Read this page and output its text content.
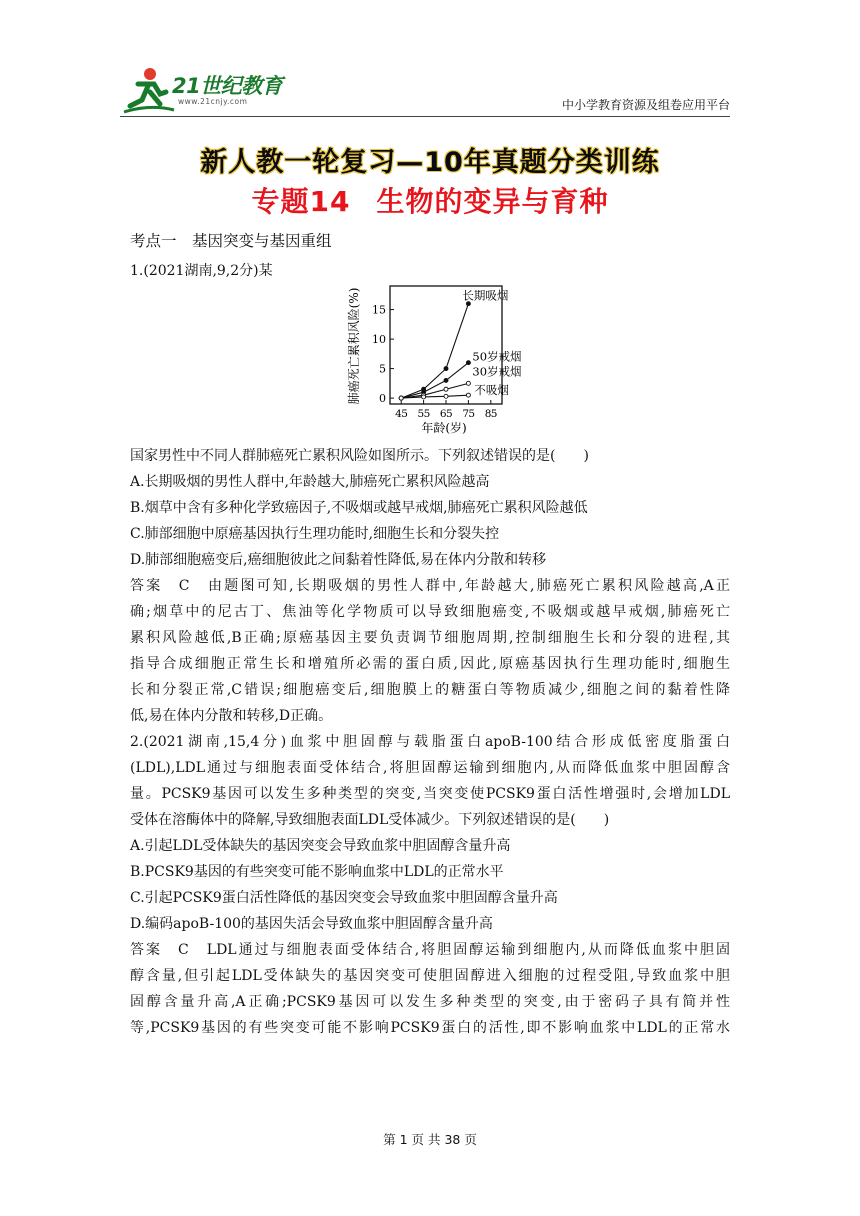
21世纪教育
www.21cnjy.com	中小学教育资源及组卷应用平台
新人教一轮复习—10年真题分类训练
专题14 生物的变异与育种
考点一　基因突变与基因重组
1.(2021湖南,9,2分)某
0
5
10
15
45 55 65 75 85
长期吸烟
50岁戒烟
30岁戒烟
不吸烟
肺癌死亡累积风险(%)
年龄(岁)
国家男性中不同人群肺癌死亡累积风险如图所示。下列叙述错误的是(　　)
A.长期吸烟的男性人群中,年龄越大,肺癌死亡累积风险越高
B.烟草中含有多种化学致癌因子,不吸烟或越早戒烟,肺癌死亡累积风险越低
C.肺部细胞中原癌基因执行生理功能时,细胞生长和分裂失控
D.肺部细胞癌变后,癌细胞彼此之间黏着性降低,易在体内分散和转移
答案　C　由题图可知,长期吸烟的男性人群中,年龄越大,肺癌死亡累积风险越高,A正
确;烟草中的尼古丁、焦油等化学物质可以导致细胞癌变,不吸烟或越早戒烟,肺癌死亡
累积风险越低,B正确;原癌基因主要负责调节细胞周期,控制细胞生长和分裂的进程,其
指导合成细胞正常生长和增殖所必需的蛋白质,因此,原癌基因执行生理功能时,细胞生
长和分裂正常,C错误;细胞癌变后,细胞膜上的糖蛋白等物质减少,细胞之间的黏着性降
低,易在体内分散和转移,D正确。
2.(2021湖南,15,4分)血浆中胆固醇与载脂蛋白apoB-100结合形成低密度脂蛋白
(LDL),LDL通过与细胞表面受体结合,将胆固醇运输到细胞内,从而降低血浆中胆固醇含
量。PCSK9基因可以发生多种类型的突变,当突变使PCSK9蛋白活性增强时,会增加LDL
受体在溶酶体中的降解,导致细胞表面LDL受体减少。下列叙述错误的是(　　)
A.引起LDL受体缺失的基因突变会导致血浆中胆固醇含量升高
B.PCSK9基因的有些突变可能不影响血浆中LDL的正常水平
C.引起PCSK9蛋白活性降低的基因突变会导致血浆中胆固醇含量升高
D.编码apoB-100的基因失活会导致血浆中胆固醇含量升高
答案　C　LDL通过与细胞表面受体结合,将胆固醇运输到细胞内,从而降低血浆中胆固
醇含量,但引起LDL受体缺失的基因突变可使胆固醇进入细胞的过程受阻,导致血浆中胆
固醇含量升高,A正确;PCSK9基因可以发生多种类型的突变,由于密码子具有简并性
等,PCSK9基因的有些突变可能不影响PCSK9蛋白的活性,即不影响血浆中LDL的正常水
第 1 页 共 38 页
